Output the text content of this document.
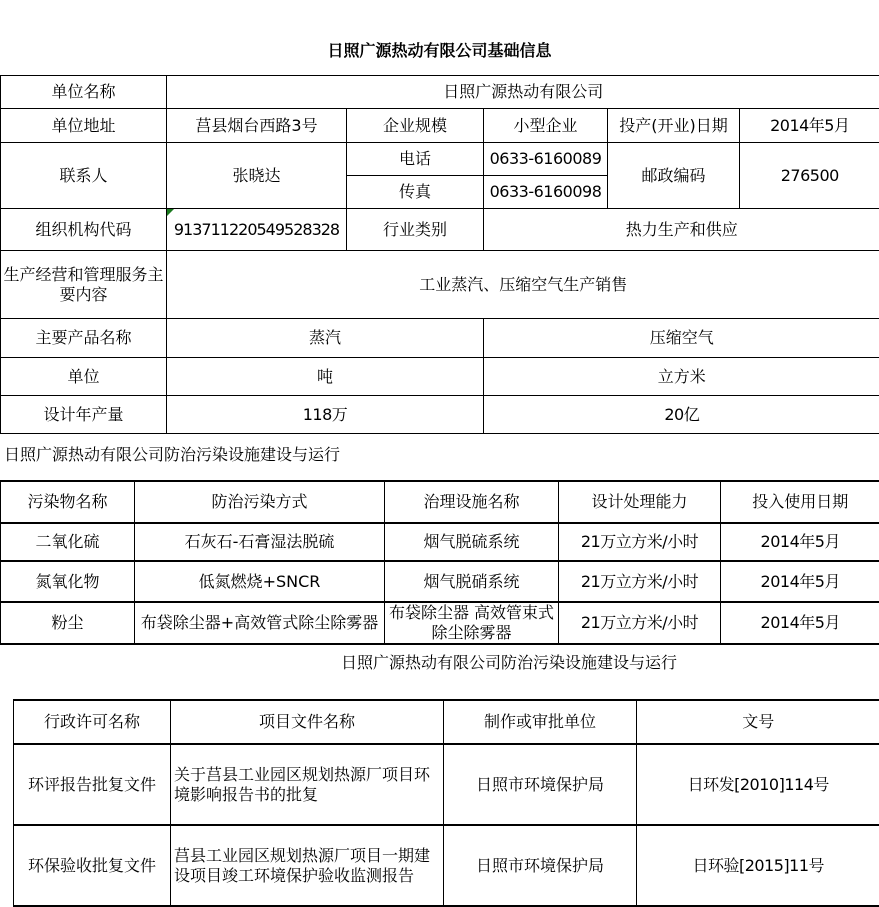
日照广源热动有限公司基础信息
单位名称	日照广源热动有限公司				
单位地址	莒县烟台西路3号	企业规模	小型企业	投产(开业)日期	2014年5月
联系人	张晓达	电话	0633-6160089	邮政编码	276500
		传真	0633-6160098		
组织机构代码	913711220549528328	行业类别	热力生产和供应		
生产经营和管理服务主要内容	工业蒸汽、压缩空气生产销售				
主要产品名称	蒸汽		压缩空气		
单位	吨		立方米		
设计年产量	118万		20亿		
日照广源热动有限公司防治污染设施建设与运行
污染物名称	防治污染方式	治理设施名称	设计处理能力	投入使用日期
二氧化硫	石灰石-石膏湿法脱硫	烟气脱硫系统	21万立方米/小时	2014年5月
氮氧化物	低氮燃烧+SNCR	烟气脱硝系统	21万立方米/小时	2014年5月
粉尘	布袋除尘器+高效管式除尘除雾器	布袋除尘器 高效管束式除尘除雾器	21万立方米/小时	2014年5月
日照广源热动有限公司防治污染设施建设与运行
行政许可名称	项目文件名称	制作或审批单位	文号
环评报告批复文件	关于莒县工业园区规划热源厂项目环境影响报告书的批复	日照市环境保护局	日环发[2010]114号
环保验收批复文件	莒县工业园区规划热源厂项目一期建设项目竣工环境保护验收监测报告	日照市环境保护局	日环验[2015]11号
